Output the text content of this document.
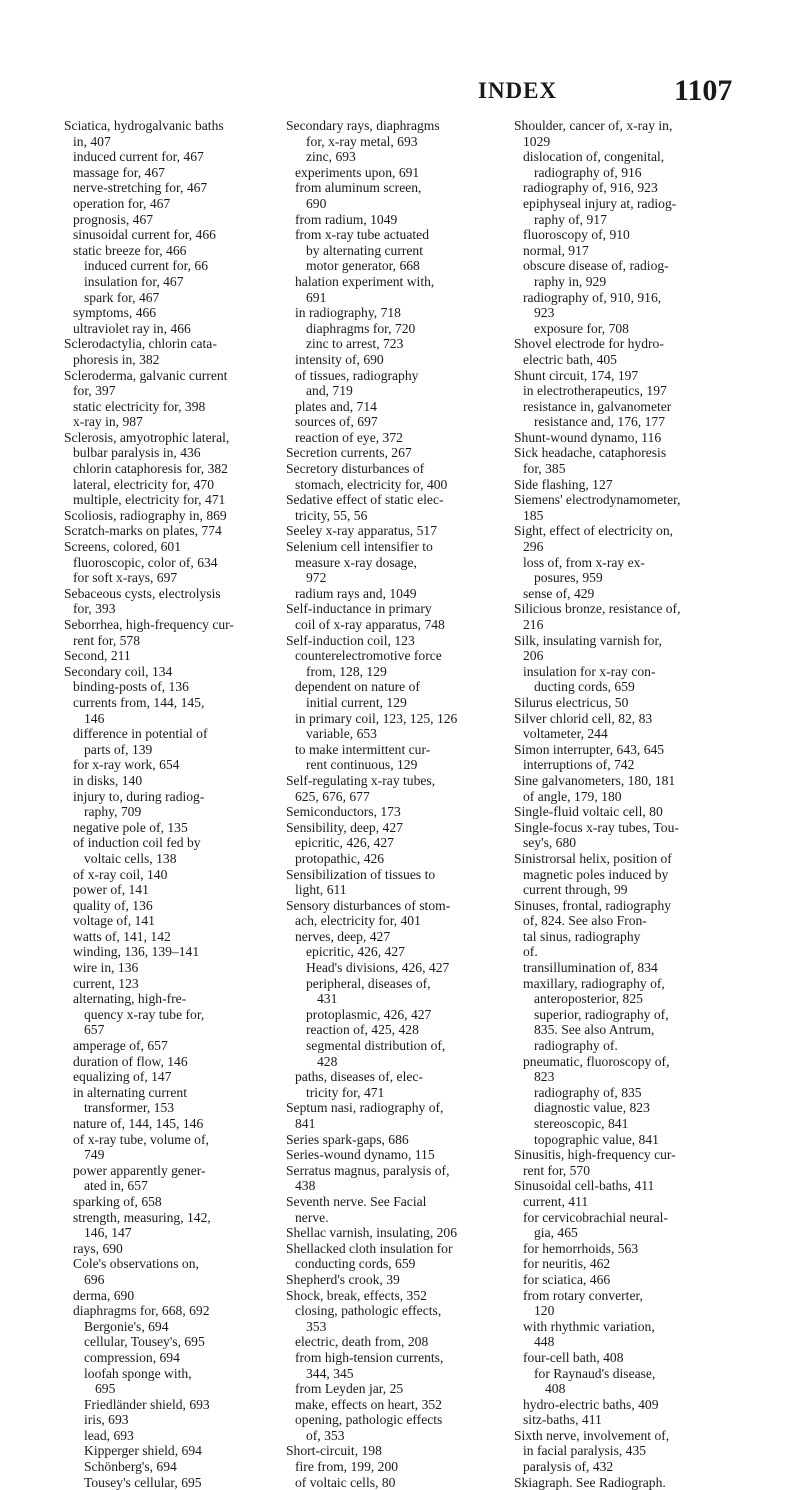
INDEX	1107
Sciatica, hydrogalvanic baths
in, 407
induced current for, 467
massage for, 467
nerve-stretching for, 467
operation for, 467
prognosis, 467
sinusoidal current for, 466
static breeze for, 466
induced current for, 66
insulation for, 467
spark for, 467
symptoms, 466
ultraviolet ray in, 466
Sclerodactylia, chlorin cata-
phoresis in, 382
Scleroderma, galvanic current
for, 397
static electricity for, 398
x-ray in, 987
Sclerosis, amyotrophic lateral,
bulbar paralysis in, 436
chlorin cataphoresis for, 382
lateral, electricity for, 470
multiple, electricity for, 471
Scoliosis, radiography in, 869
Scratch-marks on plates, 774
Screens, colored, 601
fluoroscopic, color of, 634
for soft x-rays, 697
Sebaceous cysts, electrolysis
for, 393
Seborrhea, high-frequency cur-
rent for, 578
Second, 211
Secondary coil, 134
binding-posts of, 136
currents from, 144, 145,
146
difference in potential of
parts of, 139
for x-ray work, 654
in disks, 140
injury to, during radiog-
raphy, 709
negative pole of, 135
of induction coil fed by
voltaic cells, 138
of x-ray coil, 140
power of, 141
quality of, 136
voltage of, 141
watts of, 141, 142
winding, 136, 139–141
wire in, 136
current, 123
alternating, high-fre-
quency x-ray tube for,
657
amperage of, 657
duration of flow, 146
equalizing of, 147
in alternating current
transformer, 153
nature of, 144, 145, 146
of x-ray tube, volume of,
749
power apparently gener-
ated in, 657
sparking of, 658
strength, measuring, 142,
146, 147
rays, 690
Cole's observations on,
696
derma, 690
diaphragms for, 668, 692
Bergonie's, 694
cellular, Tousey's, 695
compression, 694
loofah sponge with,
695
Friedländer shield, 693
iris, 693
lead, 693
Kipperger shield, 694
Schönberg's, 694
Tousey's cellular, 695
Secondary rays, diaphragms
for, x-ray metal, 693
zinc, 693
experiments upon, 691
from aluminum screen,
690
from radium, 1049
from x-ray tube actuated
by alternating current
motor generator, 668
halation experiment with,
691
in radiography, 718
diaphragms for, 720
zinc to arrest, 723
intensity of, 690
of tissues, radiography
and, 719
plates and, 714
sources of, 697
reaction of eye, 372
Secretion currents, 267
Secretory disturbances of
stomach, electricity for, 400
Sedative effect of static elec-
tricity, 55, 56
Seeley x-ray apparatus, 517
Selenium cell intensifier to
measure x-ray dosage,
972
radium rays and, 1049
Self-inductance in primary
coil of x-ray apparatus, 748
Self-induction coil, 123
counterelectromotive force
from, 128, 129
dependent on nature of
initial current, 129
in primary coil, 123, 125, 126
variable, 653
to make intermittent cur-
rent continuous, 129
Self-regulating x-ray tubes,
625, 676, 677
Semiconductors, 173
Sensibility, deep, 427
epicritic, 426, 427
protopathic, 426
Sensibilization of tissues to
light, 611
Sensory disturbances of stom-
ach, electricity for, 401
nerves, deep, 427
epicritic, 426, 427
Head's divisions, 426, 427
peripheral, diseases of,
431
protoplasmic, 426, 427
reaction of, 425, 428
segmental distribution of,
428
paths, diseases of, elec-
tricity for, 471
Septum nasi, radiography of,
841
Series spark-gaps, 686
Series-wound dynamo, 115
Serratus magnus, paralysis of,
438
Seventh nerve. See Facial
nerve.
Shellac varnish, insulating, 206
Shellacked cloth insulation for
conducting cords, 659
Shepherd's crook, 39
Shock, break, effects, 352
closing, pathologic effects,
353
electric, death from, 208
from high-tension currents,
344, 345
from Leyden jar, 25
make, effects on heart, 352
opening, pathologic effects
of, 353
Short-circuit, 198
fire from, 199, 200
of voltaic cells, 80
Shoulder, cancer of, x-ray in,
1029
dislocation of, congenital,
radiography of, 916
radiography of, 916, 923
epiphyseal injury at, radiog-
raphy of, 917
fluoroscopy of, 910
normal, 917
obscure disease of, radiog-
raphy in, 929
radiography of, 910, 916,
923
exposure for, 708
Shovel electrode for hydro-
electric bath, 405
Shunt circuit, 174, 197
in electrotherapeutics, 197
resistance in, galvanometer
resistance and, 176, 177
Shunt-wound dynamo, 116
Sick headache, cataphoresis
for, 385
Side flashing, 127
Siemens' electrodynamometer,
185
Sight, effect of electricity on,
296
loss of, from x-ray ex-
posures, 959
sense of, 429
Silicious bronze, resistance of,
216
Silk, insulating varnish for,
206
insulation for x-ray con-
ducting cords, 659
Silurus electricus, 50
Silver chlorid cell, 82, 83
voltameter, 244
Simon interrupter, 643, 645
interruptions of, 742
Sine galvanometers, 180, 181
of angle, 179, 180
Single-fluid voltaic cell, 80
Single-focus x-ray tubes, Tou-
sey's, 680
Sinistrorsal helix, position of
magnetic poles induced by
current through, 99
Sinuses, frontal, radiography
of, 824. See also Fron-
tal sinus, radiography
of.
transillumination of, 834
maxillary, radiography of,
anteroposterior, 825
superior, radiography of,
835. See also Antrum,
radiography of.
pneumatic, fluoroscopy of,
823
radiography of, 835
diagnostic value, 823
stereoscopic, 841
topographic value, 841
Sinusitis, high-frequency cur-
rent for, 570
Sinusoidal cell-baths, 411
current, 411
for cervicobrachial neural-
gia, 465
for hemorrhoids, 563
for neuritis, 462
for sciatica, 466
from rotary converter,
120
with rhythmic variation,
448
four-cell bath, 408
for Raynaud's disease,
408
hydro-electric baths, 409
sitz-baths, 411
Sixth nerve, involvement of,
in facial paralysis, 435
paralysis of, 432
Skiagraph. See Radiograph.
